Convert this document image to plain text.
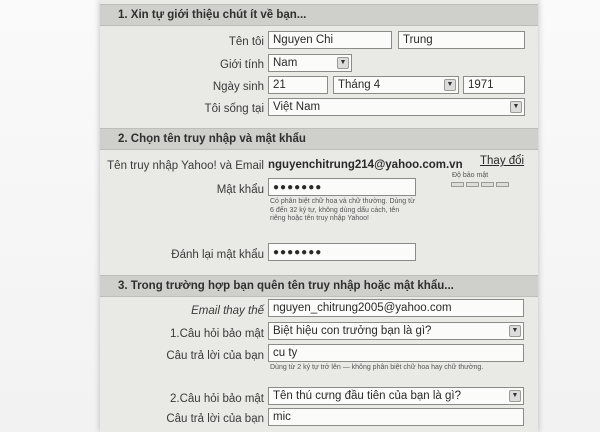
1. Xin tự giới thiệu chút ít về bạn...
Tên tôi Nguyen Chi	Trung
Giới tính Nam	▼
Ngày sinh 21	Tháng 4	▼	1971
Tôi sống tại Việt Nam	▼
2. Chọn tên truy nhập và mật khẩu
Tên truy nhập Yahoo! và Email nguyenchitrung214@yahoo.com.vn Thay đổi
Mật khẩu ●●●●●●●
Độ bảo mật
Có phân biệt chữ hoa và chữ thường. Dùng từ 6 đến 32 ký tự, không dùng dấu cách, tên riêng hoặc tên truy nhập Yahoo!
Đánh lại mật khẩu ●●●●●●●
3. Trong trường hợp bạn quên tên truy nhập hoặc mật khẩu...
Email thay thế nguyen_chitrung2005@yahoo.com
1.Câu hỏi bảo mật Biệt hiệu con trưởng bạn là gì?	▼
Câu trả lời của bạn cu ty
Dùng từ 2 ký tự trở lên — không phân biệt chữ hoa hay chữ thường.
2.Câu hỏi bảo mật Tên thú cưng đầu tiên của bạn là gì?	▼
Câu trả lời của bạn mic
